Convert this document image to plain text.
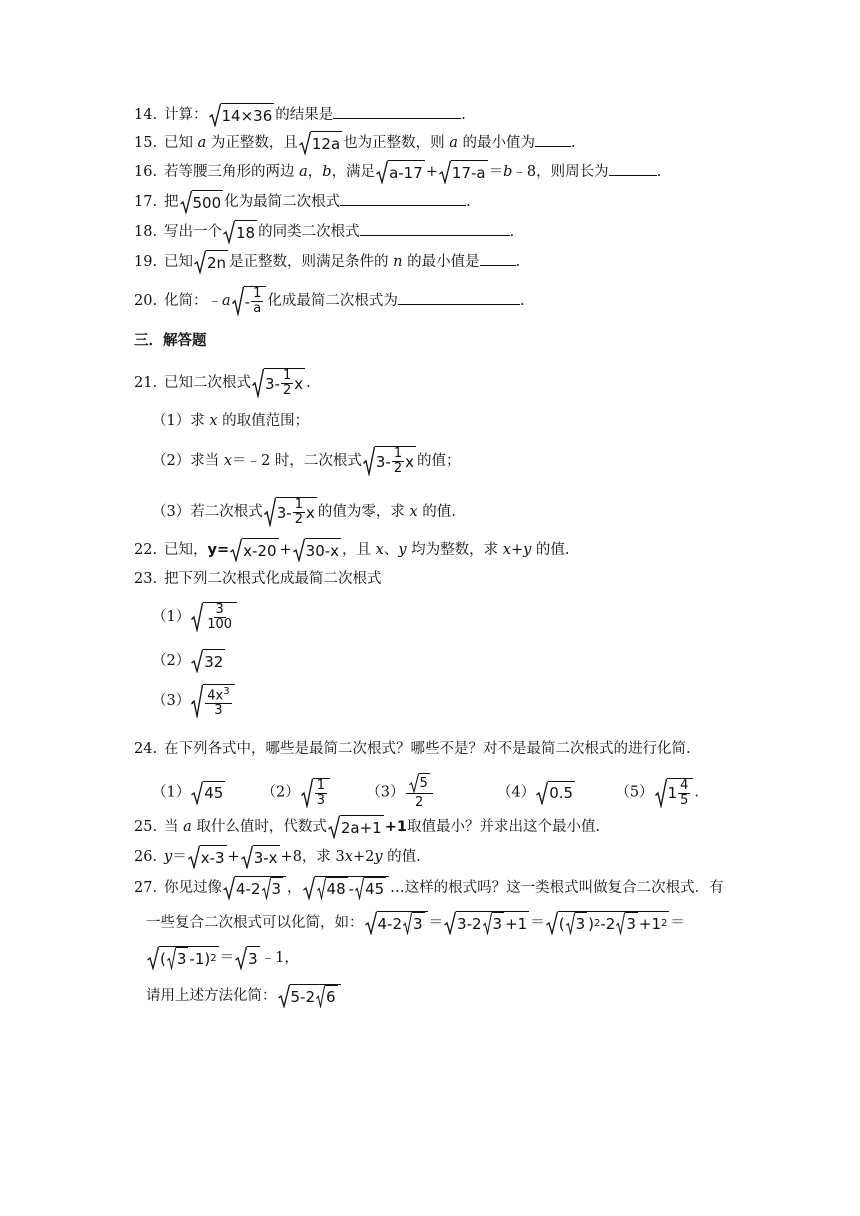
14. 计算： 14×36 的结果是	.
15. 已知 a 为正整数，且 12a 也为正整数，则 a 的最小值为 .
16. 若等腰三角形的两边 a，b，满足 a-17 + 17-a ＝b﹣8，则周长为	.
17. 把 500 化为最简二次根式	.
18. 写出一个 18 的同类二次根式	.
19. 已知 2n 是正整数，则满足条件的 n 的最小值是 .
20. 化简：﹣a - $\frac{1}{a}$ 化成最简二次根式为	.
三．解答题
21. 已知二次根式 $3- \frac{1}{2}$ x .
（1）求 x 的取值范围；
（2）求当 x＝﹣2 时，二次根式 $3- \frac{1}{2}$ x 的值；
（3）若二次根式 $3- \frac{1}{2}$ x 的值为零，求 x 的值.
22. 已知，y= x-20 + 30-x ，且 x、y 均为整数，求 x+y 的值.
23. 把下列二次根式化成最简二次根式
$(1) \frac{3}{100}$
（2） 32
$(3) \frac{4x^3}{3}$
24. 在下列各式中，哪些是最简二次根式？哪些不是？对不是最简二次根式的进行化简.
（1） 45	$(2) \frac{1}{3}$	$(3) \frac{5}{2}$	（4） 0.5	（5） $1 \frac{4}{5}$ .
25. 当 a 取什么值时，代数式 2a+1 +1取值最小？并求出这个最小值.
26. y＝ x-3 + 3-x +8，求 3x+2y 的值.
27. 你见过像 4-2 3 ， 48 - 45 …这样的根式吗？这一类根式叫做复合二次根式．有
一些复合二次根式可以化简，如： 4-2 3 ＝ 3-2 3 +1 ＝ ( 3 ) 2 -2 3 +1 2 ＝
( 3 -1) 2 ＝ 3 ﹣1，
请用上述方法化简： 5-2 6
